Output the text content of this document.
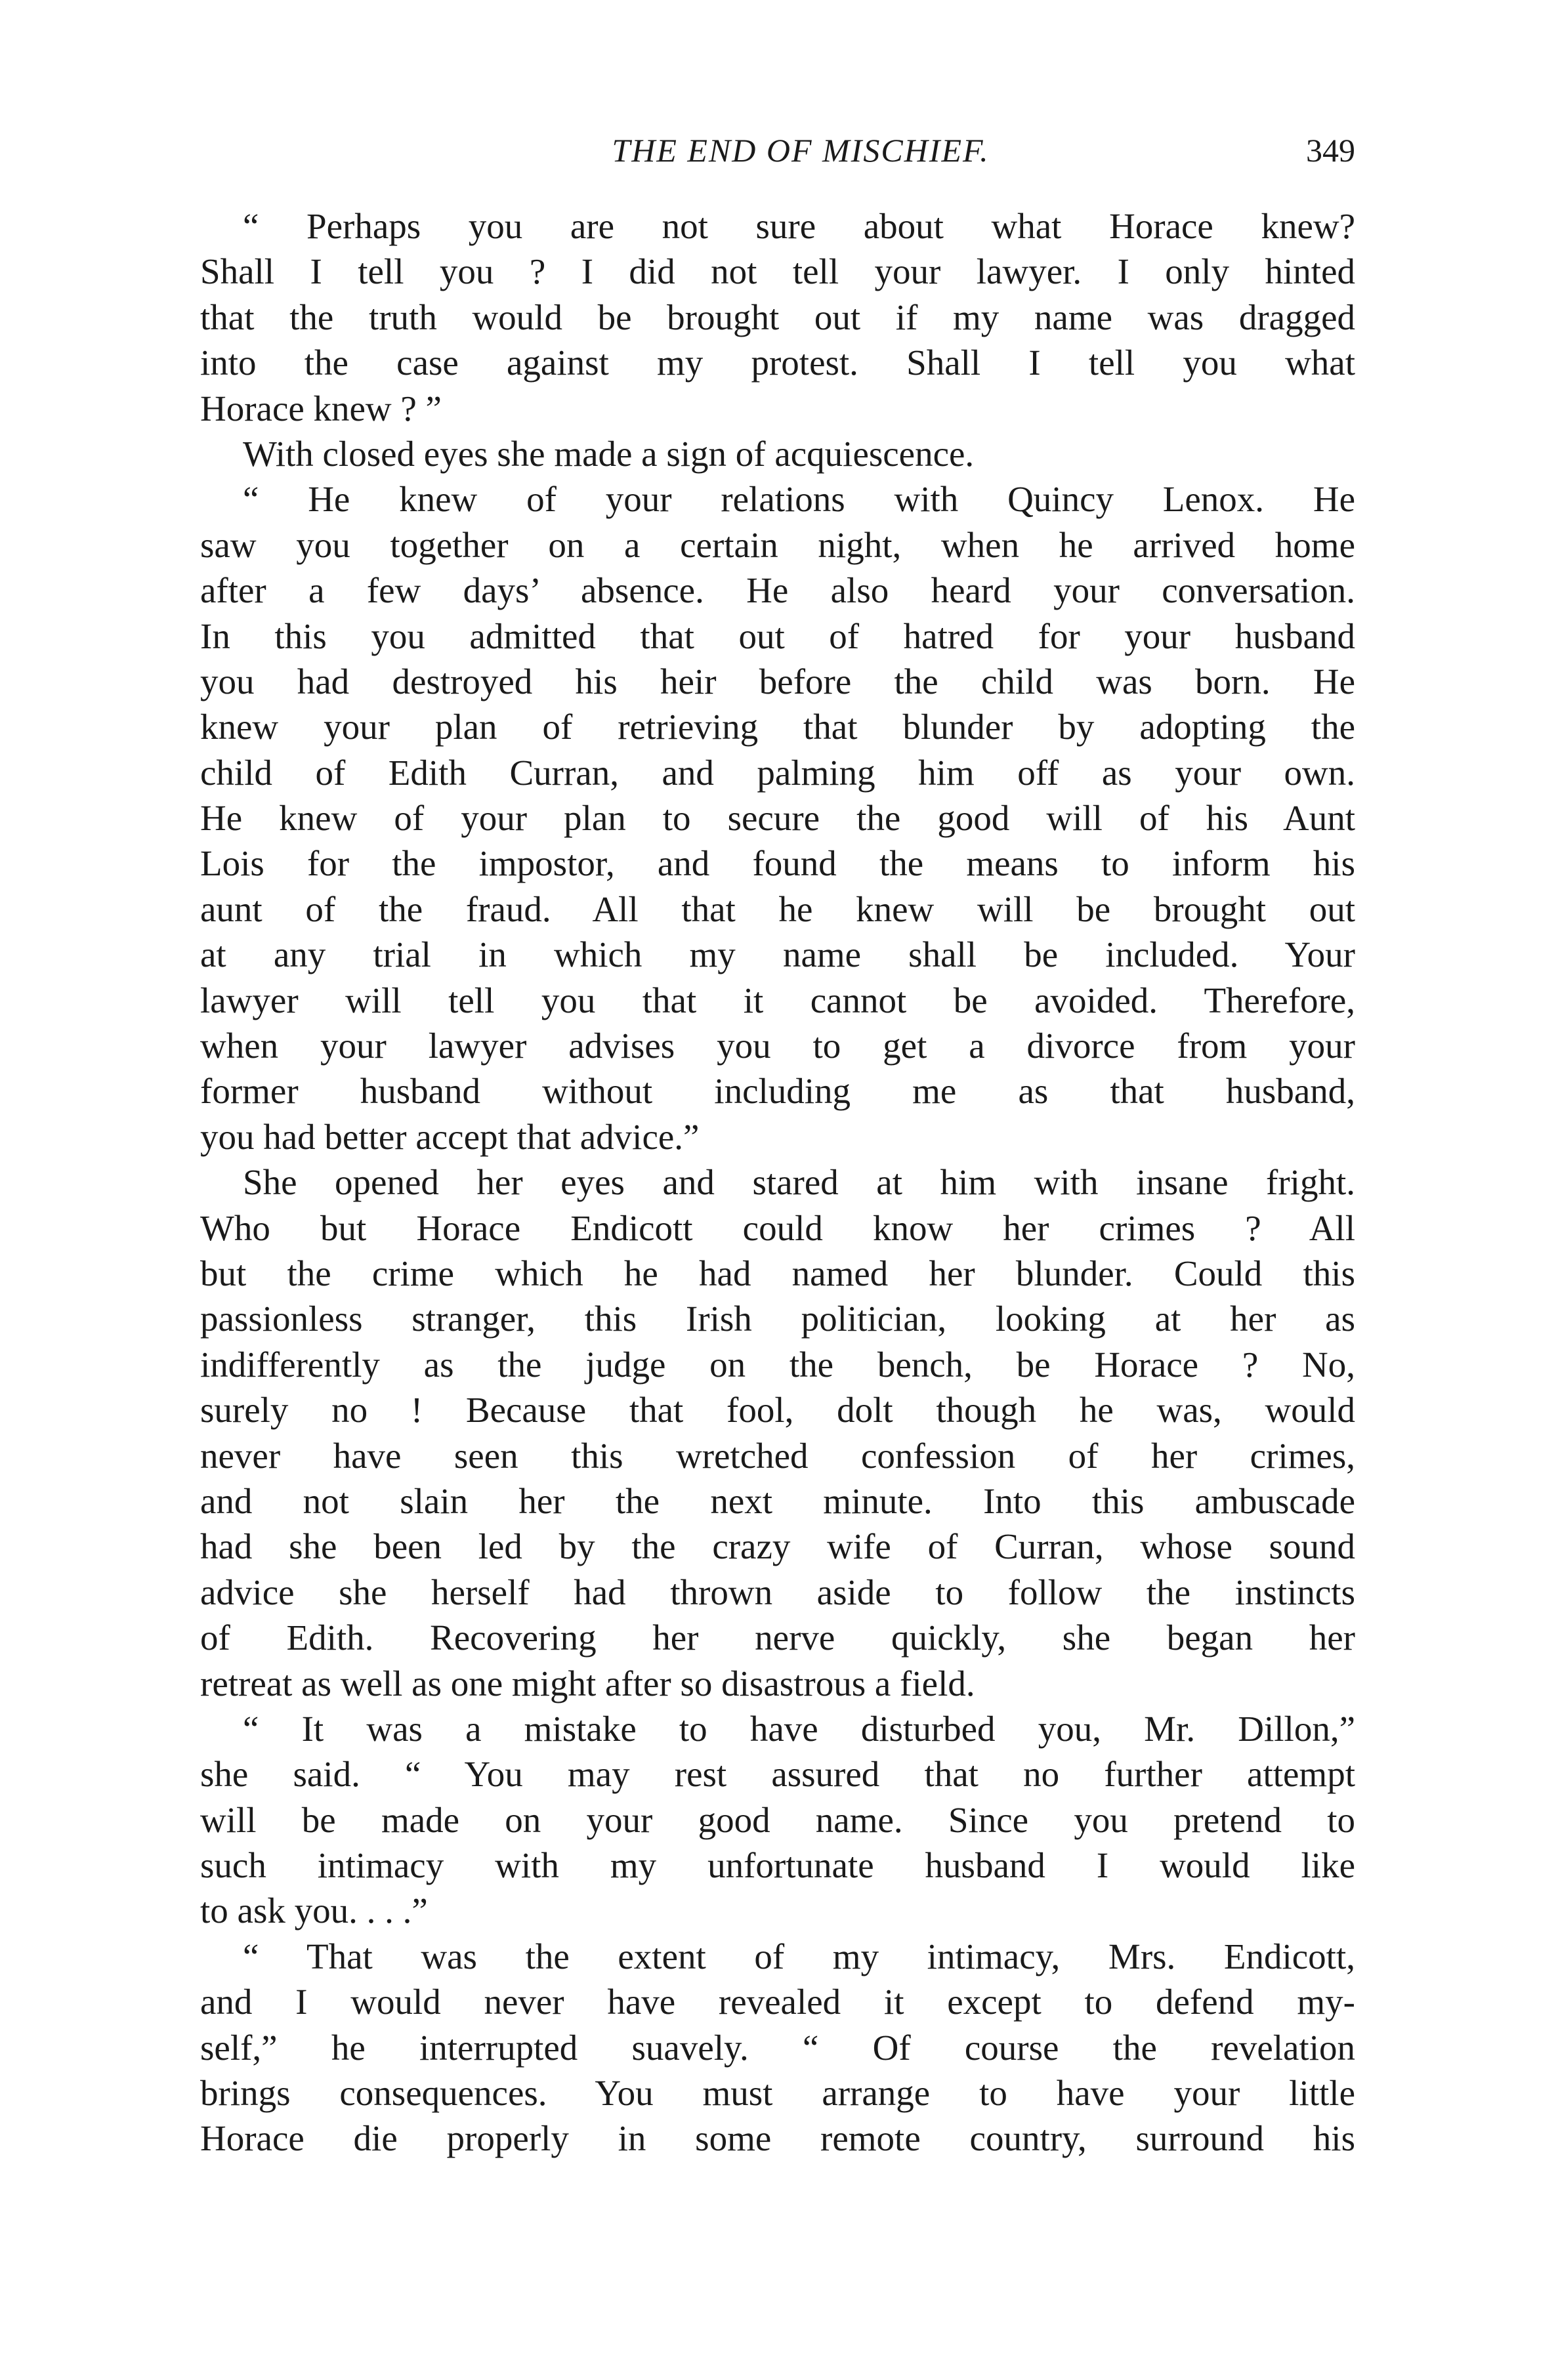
THE END OF MISCHIEF.	349
“ Perhaps you are not sure about what Horace knew?
Shall I tell you ? I did not tell your lawyer. I only hinted
that the truth would be brought out if my name was dragged
into the case against my protest. Shall I tell you what
Horace knew ? ”
With closed eyes she made a sign of acquiescence.
“ He knew of your relations with Quincy Lenox. He
saw you together on a certain night, when he arrived home
after a few days’ absence. He also heard your conversation.
In this you admitted that out of hatred for your husband
you had destroyed his heir before the child was born. He
knew your plan of retrieving that blunder by adopting the
child of Edith Curran, and palming him off as your own.
He knew of your plan to secure the good will of his Aunt
Lois for the impostor, and found the means to inform his
aunt of the fraud. All that he knew will be brought out
at any trial in which my name shall be included. Your
lawyer will tell you that it cannot be avoided. Therefore,
when your lawyer advises you to get a divorce from your
former husband without including me as that husband,
you had better accept that advice.”
She opened her eyes and stared at him with insane fright.
Who but Horace Endicott could know her crimes ? All
but the crime which he had named her blunder. Could this
passionless stranger, this Irish politician, looking at her as
indifferently as the judge on the bench, be Horace ? No,
surely no ! Because that fool, dolt though he was, would
never have seen this wretched confession of her crimes,
and not slain her the next minute. Into this ambuscade
had she been led by the crazy wife of Curran, whose sound
advice she herself had thrown aside to follow the instincts
of Edith. Recovering her nerve quickly, she began her
retreat as well as one might after so disastrous a field.
“ It was a mistake to have disturbed you, Mr. Dillon,”
she said. “ You may rest assured that no further attempt
will be made on your good name. Since you pretend to
such intimacy with my unfortunate husband I would like
to ask you. . . .”
“ That was the extent of my intimacy, Mrs. Endicott,
and I would never have revealed it except to defend my-
self,” he interrupted suavely. “ Of course the revelation
brings consequences. You must arrange to have your little
Horace die properly in some remote country, surround his
